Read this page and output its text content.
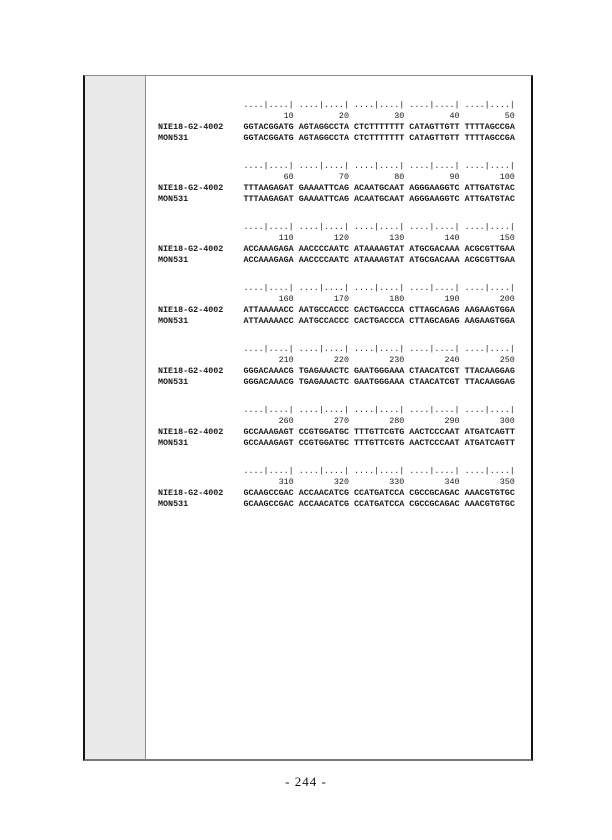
....|....| ....|....| ....|....| ....|....| ....|....|
10         20         30         40         50
NIE18-G2-4002    GGTACGGATG AGTAGGCCTA CTCTTTTTTT CATAGTTGTT TTTTAGCCGA
MON531           GGTACGGATG AGTAGGCCTA CTCTTTTTTT CATAGTTGTT TTTTAGCCGA
....|....| ....|....| ....|....| ....|....| ....|....|
60         70         80         90        100
NIE18-G2-4002    TTTAAGAGAT GAAAATTCAG ACAATGCAAT AGGGAAGGTC ATTGATGTAC
MON531           TTTAAGAGAT GAAAATTCAG ACAATGCAAT AGGGAAGGTC ATTGATGTAC
....|....| ....|....| ....|....| ....|....| ....|....|
110        120        130        140        150
NIE18-G2-4002    ACCAAAGAGA AACCCCAATC ATAAAAGTAT ATGCGACAAA ACGCGTTGAA
MON531           ACCAAAGAGA AACCCCAATC ATAAAAGTAT ATGCGACAAA ACGCGTTGAA
....|....| ....|....| ....|....| ....|....| ....|....|
160        170        180        190        200
NIE18-G2-4002    ATTAAAAACC AATGCCACCC CACTGACCCA CTTAGCAGAG AAGAAGTGGA
MON531           ATTAAAAACC AATGCCACCC CACTGACCCA CTTAGCAGAG AAGAAGTGGA
....|....| ....|....| ....|....| ....|....| ....|....|
210        220        230        240        250
NIE18-G2-4002    GGGACAAACG TGAGAAACTC GAATGGGAAA CTAACATCGT TTACAAGGAG
MON531           GGGACAAACG TGAGAAACTC GAATGGGAAA CTAACATCGT TTACAAGGAG
....|....| ....|....| ....|....| ....|....| ....|....|
260        270        280        290        300
NIE18-G2-4002    GCCAAAGAGT CCGTGGATGC TTTGTTCGTG AACTCCCAAT ATGATCAGTT
MON531           GCCAAAGAGT CCGTGGATGC TTTGTTCGTG AACTCCCAAT ATGATCAGTT
....|....| ....|....| ....|....| ....|....| ....|....|
310        320        330        340        350
NIE18-G2-4002    GCAAGCCGAC ACCAACATCG CCATGATCCA CGCCGCAGAC AAACGTGTGC
MON531           GCAAGCCGAC ACCAACATCG CCATGATCCA CGCCGCAGAC AAACGTGTGC
- 244 -
